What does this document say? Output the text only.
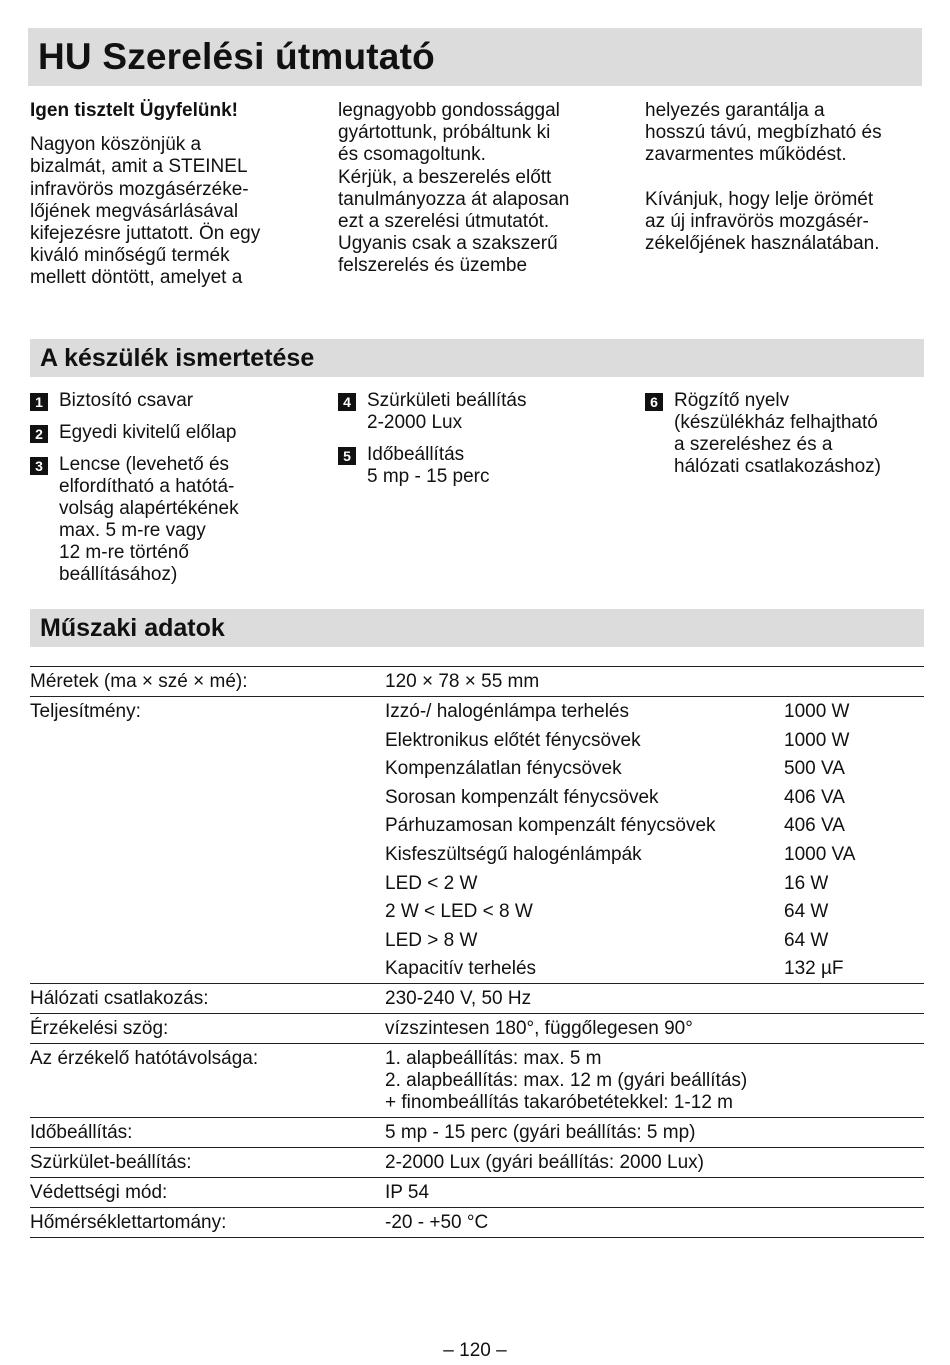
HU Szerelési útmutató

Igen tisztelt Ügyfelünk!

Nagyon köszönjük a

bizalmát, amit a STEINEL

infravörös mozgásérzéke-

lőjének megvásárlásával

kifejezésre juttatott. Ön egy

kiváló minőségű termék

mellett döntött, amelyet a

legnagyobb gondossággal

gyártottunk, próbáltunk ki

és csomagoltunk.

Kérjük, a beszerelés előtt

tanulmányozza át alaposan

ezt a szerelési útmutatót.

Ugyanis csak a szakszerű

felszerelés és üzembe

helyezés garantálja a

hosszú távú, megbízható és

zavarmentes működést.

Kívánjuk, hogy lelje örömét

az új infravörös mozgásér-

zékelőjének használatában.

A készülék ismertetése
1 Biztosító csavar
2 Egyedi kivitelű előlap
3 Lencse (levehető és
elfordítható a hatótá-
volság alapértékének
max. 5 m-re vagy
12 m-re történő
beállításához)
4 Szürkületi beállítás
2-2000 Lux
5 Időbeállítás
5 mp - 15 perc
6 Rögzítő nyelv
(készülékház felhajtható
a szereléshez és a
hálózati csatlakozáshoz)
Műszaki adatok
Méretek (ma × szé × mé):	120 × 78 × 55 mm
Teljesítmény:	Izzó-/ halogénlámpa terhelés	1000 W
Elektronikus előtét fénycsövek	1000 W
Kompenzálatlan fénycsövek	500 VA
Sorosan kompenzált fénycsövek	406 VA
Párhuzamosan kompenzált fénycsövek	406 VA
Kisfeszültségű halogénlámpák	1000 VA
LED < 2 W	16 W
2 W < LED < 8 W	64 W
LED > 8 W	64 W
Kapacitív terhelés	132 µF
Hálózati csatlakozás:	230-240 V, 50 Hz
Érzékelési szög:	vízszintesen 180°, függőlegesen 90°
Az érzékelő hatótávolsága:	1. alapbeállítás: max. 5 m
2. alapbeállítás: max. 12 m (gyári beállítás)
+ finombeállítás takaróbetétekkel: 1-12 m
Időbeállítás:	5 mp - 15 perc (gyári beállítás: 5 mp)
Szürkület-beállítás:	2-2000 Lux (gyári beállítás: 2000 Lux)
Védettségi mód:	IP 54
Hőmérséklettartomány:	-20 - +50 °C
– 120 –
